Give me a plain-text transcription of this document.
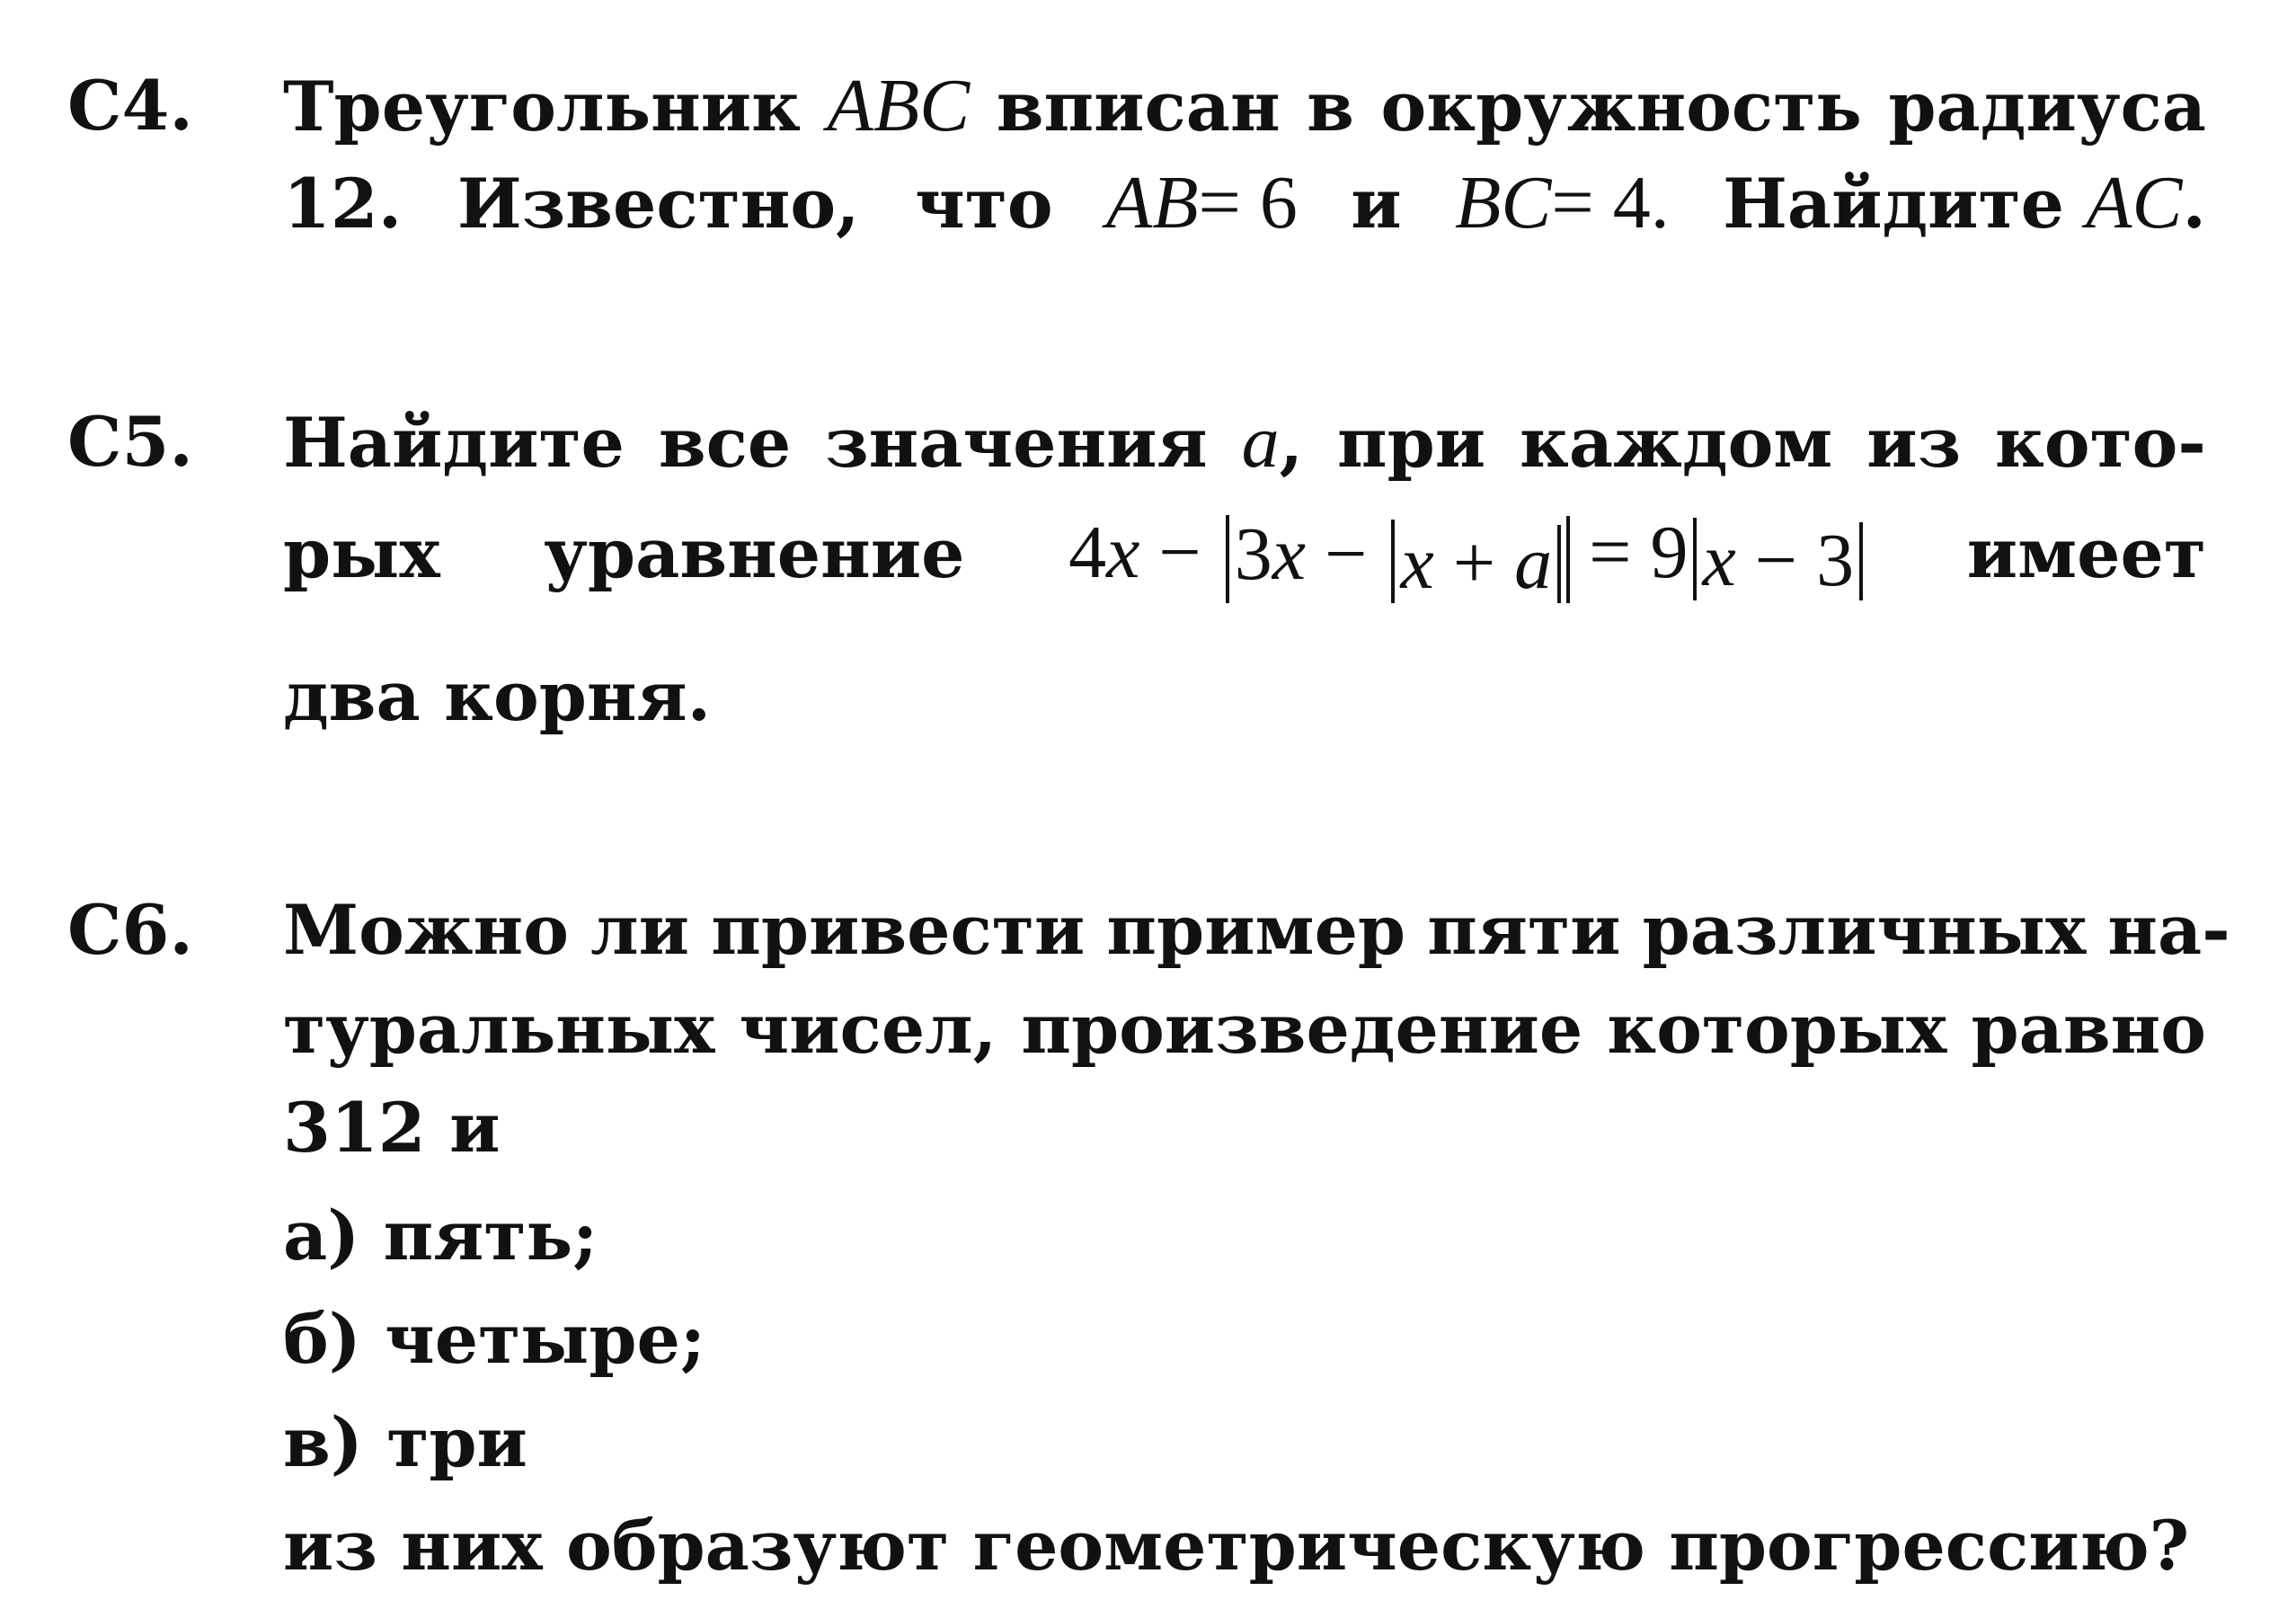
С4. Треугольник ABC вписан в окружность радиуса
12. Известно, что AB= 6 и BC= 4. Найдите AC.
С5. Найдите все значения a, при каждом из кото-
рых уравнение 4x − 3x − x + a = 9 x − 3 имеет
два корня.
С6. Можно ли привести пример пяти различных на-
туральных чисел, произведение которых равно
312 и
а) пять;
б) четыре;
в) три
из них образуют геометрическую прогрессию?
